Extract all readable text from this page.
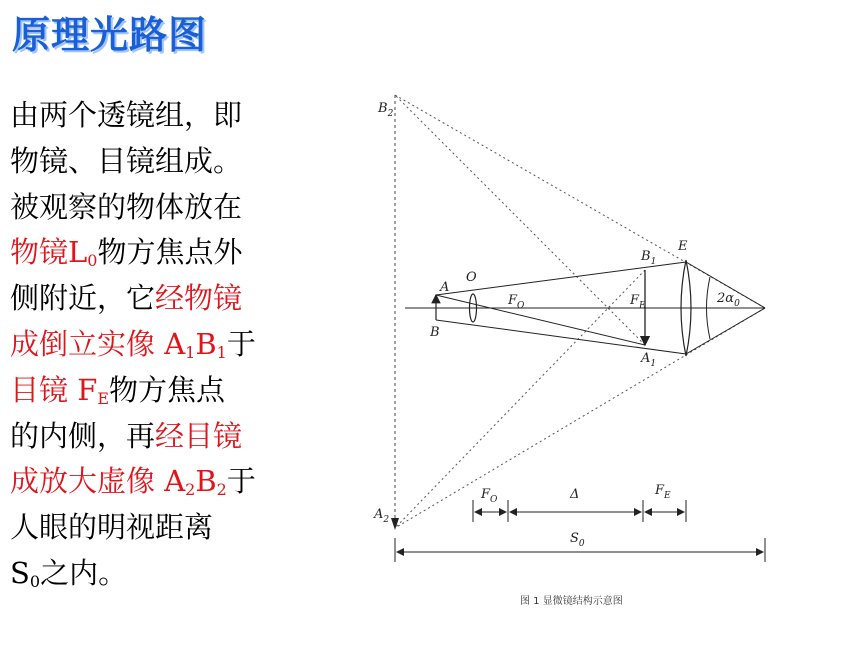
原理光路图
由两个透镜组，即
物镜、目镜组成。
被观察的物体放在
物镜$L_0$物方焦点外
侧附近，它经物镜
成倒立实像 $A_1B_1$于
目镜 $F_E$物方焦点
的内侧，再经目镜
成放大虚像 $A_2B_2$于
人眼的明视距离
$S_0$之内。
$B_2$
$A_2$
A
B
O
$F_O$
$B_1$
$A_1$
E
$F_E$	$2\alpha_0$
$F_O$	Δ	$F_E$
$S_0$
图 1 显微镜结构示意图
